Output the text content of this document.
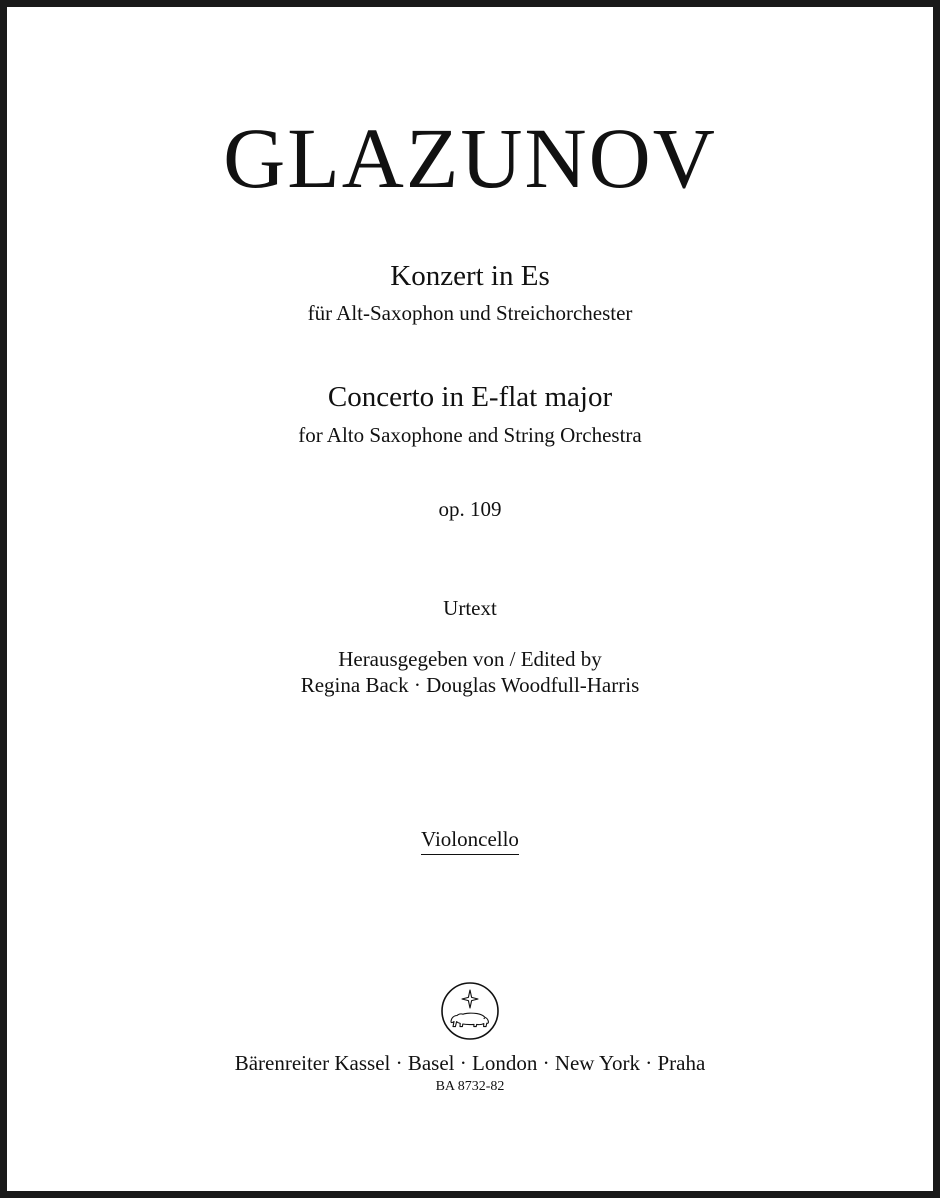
GLAZUNOV
Konzert in Es
für Alt-Saxophon und Streichorchester
Concerto in E-flat major
for Alto Saxophone and String Orchestra
op. 109
Urtext
Herausgegeben von / Edited by
Regina Back · Douglas Woodfull-Harris
Violoncello
Bärenreiter Kassel · Basel · London · New York · Praha
BA 8732-82
